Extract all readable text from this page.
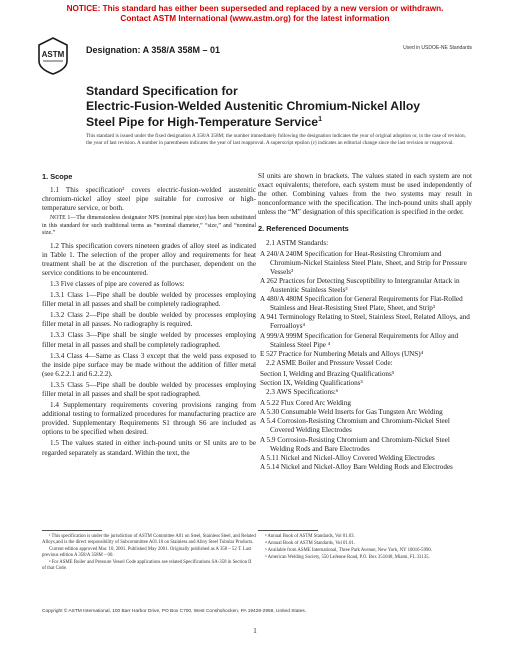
NOTICE: This standard has either been superseded and replaced by a new version or withdrawn.
Contact ASTM International (www.astm.org) for the latest information
ASTM Designation: A 358/A 358M – 01	Used in USDOE-NE Standards
Standard Specification for
Electric-Fusion-Welded Austenitic Chromium-Nickel Alloy
Steel Pipe for High-Temperature Service$^1$
This standard is issued under the fixed designation A 358/A 358M; the number immediately following the designation indicates the year of original adoption or, in the case of revision, the year of last revision. A number in parentheses indicates the year of last reapproval. A superscript epsilon (ε) indicates an editorial change since the last revision or reapproval.

1. Scope

1.1 This specification² covers electric-fusion-welded austenitic chromium-nickel alloy steel pipe suitable for corrosive or high-temperature service, or both.

NOTE 1—The dimensionless designator NPS (nominal pipe size) has been substituted in this standard for such traditional terms as “nominal diameter,” “size,” and “nominal size.”

1.2 This specification covers nineteen grades of alloy steel as indicated in Table 1. The selection of the proper alloy and requirements for heat treatment shall be at the discretion of the purchaser, dependent on the service conditions to be encountered.

1.3 Five classes of pipe are covered as follows:

1.3.1 Class 1—Pipe shall be double welded by processes employing filler metal in all passes and shall be completely radiographed.

1.3.2 Class 2—Pipe shall be double welded by processes employing filler metal in all passes. No radiography is required.

1.3.3 Class 3—Pipe shall be single welded by processes employing filler metal in all passes and shall be completely radiographed.

1.3.4 Class 4—Same as Class 3 except that the weld pass exposed to the inside pipe surface may be made without the addition of filler metal (see 6.2.2.1 and 6.2.2.2).

1.3.5 Class 5—Pipe shall be double welded by processes employing filler metal in all passes and shall be spot radiographed.

1.4 Supplementary requirements covering provisions ranging from additional testing to formalized procedures for manufacturing practice are provided. Supplementary Requirements S1 through S6 are included as options to be specified when desired.

1.5 The values stated in either inch-pound units or SI units are to be regarded separately as standard. Within the text, the

SI units are shown in brackets. The values stated in each system are not exact equivalents; therefore, each system must be used independently of the other. Combining values from the two systems may result in nonconformance with the specification. The inch-pound units shall apply unless the “M” designation of this specification is specified in the order.

2. Referenced Documents

2.1 ASTM Standards:

A 240/A 240M Specification for Heat-Resisting Chromium and Chromium-Nickel Stainless Steel Plate, Sheet, and Strip for Pressure Vessels³

A 262 Practices for Detecting Susceptibility to Intergranular Attack in Austenitic Stainless Steels³

A 480/A 480M Specification for General Requirements for Flat-Rolled Stainless and Heat-Resisting Steel Plate, Sheet, and Strip³

A 941 Terminology Relating to Steel, Stainless Steel, Related Alloys, and Ferroalloys⁴

A 999/A 999M Specification for General Requirements for Alloy and Stainless Steel Pipe ⁴

E 527 Practice for Numbering Metals and Alloys (UNS)⁴

2.2 ASME Boiler and Pressure Vessel Code:

Section I, Welding and Brazing Qualifications⁵

Section IX, Welding Qualifications⁵

2.3 AWS Specifications:⁶

A 5.22 Flux Cored Arc Welding

A 5.30 Consumable Weld Inserts for Gas Tungsten Arc Welding

A 5.4 Corrosion-Resisting Chromium and Chromium-Nickel Steel Covered Welding Electrodes

A 5.9 Corrosion-Resisting Chromium and Chromium-Nickel Steel Welding Rods and Bare Electrodes

A 5.11 Nickel and Nickel-Alloy Covered Welding Electrodes

A 5.14 Nickel and Nickel-Alloy Bare Welding Rods and Electrodes

¹ This specification is under the jurisdiction of ASTM Committee A01 on Steel, Stainless Steel, and Related Alloys,and is the direct responsibility of Subcommittee A01.10 on Stainless and Alloy Steel Tubular Products.

Current edition approved Mar. 10, 2001. Published May 2001. Originally published as A 358 – 52 T. Last previous edition A 358/A 358M – 00.

² For ASME Boiler and Pressure Vessel Code applications see related Specifications SA-358 in Section II of that Code.

³ Annual Book of ASTM Standards, Vol 01.03.

⁴ Annual Book of ASTM Standards, Vol 01.01.

⁵ Available from ASME International, Three Park Avenue, New York, NY 10016-5990.

⁶ American Welding Society, 550 LeJeune Road, P.O. Box 351040, Miami, FL 33135.

Copyright © ASTM International, 100 Barr Harbor Drive, PO Box C700, West Conshohocken, PA 19428-2959, United States.
1
